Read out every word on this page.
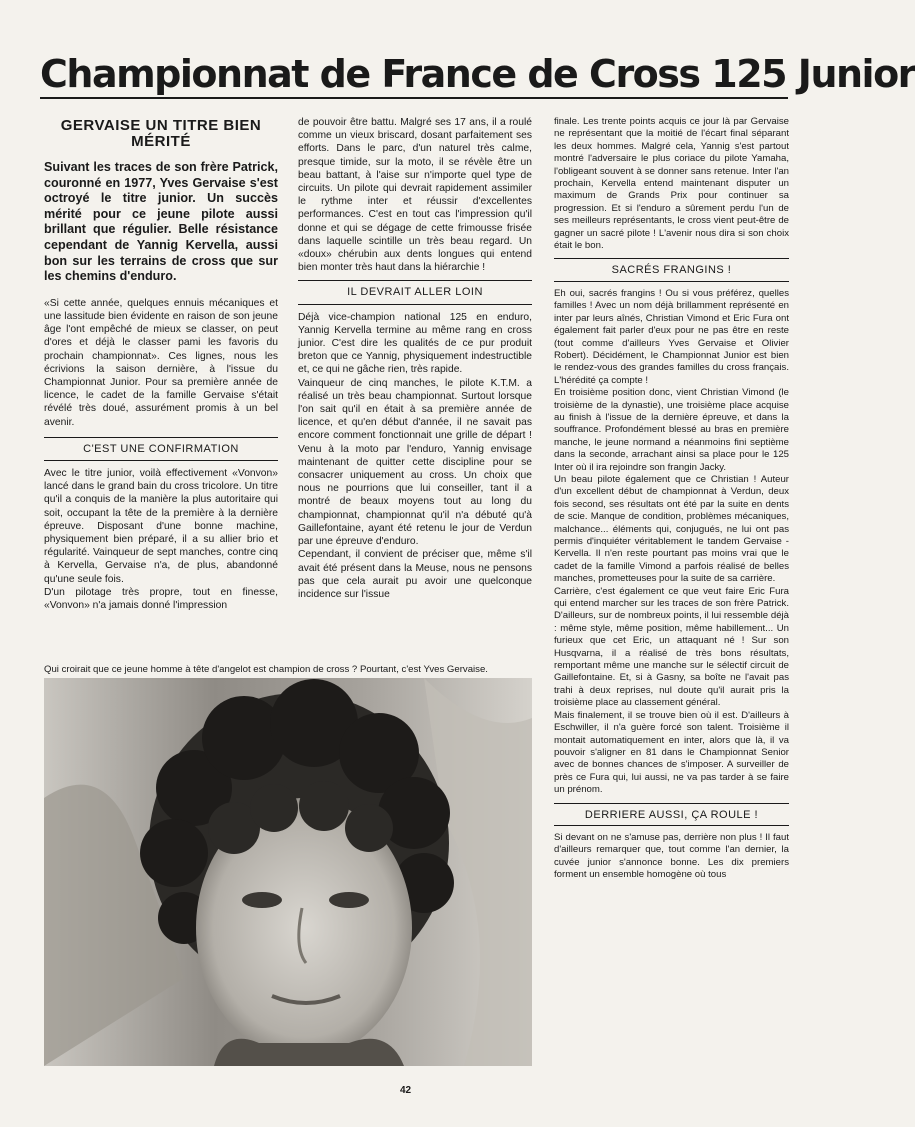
Championnat de France de Cross 125 Junior
GERVAISE UN TITRE BIEN MÉRITÉ

Suivant les traces de son frère Patrick, couronné en 1977, Yves Gervaise s'est octroyé le titre junior. Un succès mérité pour ce jeune pilote aussi brillant que régulier. Belle résistance cependant de Yannig Kervella, aussi bon sur les terrains de cross que sur les chemins d'enduro.

«Si cette année, quelques ennuis mécaniques et une lassitude bien évidente en raison de son jeune âge l'ont empêché de mieux se classer, on peut d'ores et déjà le classer pami les favoris du prochain championnat». Ces lignes, nous les écrivions la saison dernière, à l'issue du Championnat Junior. Pour sa première année de licence, le cadet de la famille Gervaise s'était révélé très doué, assurément promis à un bel avenir.

C'EST UNE CONFIRMATION

Avec le titre junior, voilà effectivement «Vonvon» lancé dans le grand bain du cross tricolore. Un titre qu'il a conquis de la manière la plus autoritaire qui soit, occupant la tête de la première à la dernière épreuve. Disposant d'une bonne machine, physiquement bien préparé, il a su allier brio et régularité. Vainqueur de sept manches, contre cinq à Kervella, Gervaise n'a, de plus, abandonné qu'une seule fois.

D'un pilotage très propre, tout en finesse, «Vonvon» n'a jamais donné l'impression

de pouvoir être battu. Malgré ses 17 ans, il a roulé comme un vieux briscard, dosant parfaitement ses efforts. Dans le parc, d'un naturel très calme, presque timide, sur la moto, il se révèle être un beau battant, à l'aise sur n'importe quel type de circuits. Un pilote qui devrait rapidement assimiler le rythme inter et réussir d'excellentes performances. C'est en tout cas l'impression qu'il donne et qui se dégage de cette frimousse frisée dans laquelle scintille un très beau regard. Un «doux» chérubin aux dents longues qui entend bien monter très haut dans la hiérarchie !

IL DEVRAIT ALLER LOIN

Déjà vice-champion national 125 en enduro, Yannig Kervella termine au même rang en cross junior. C'est dire les qualités de ce pur produit breton que ce Yannig, physiquement indestructible et, ce qui ne gâche rien, très rapide.

Vainqueur de cinq manches, le pilote K.T.M. a réalisé un très beau championnat. Surtout lorsque l'on sait qu'il en était à sa première année de licence, et qu'en début d'année, il ne savait pas encore comment fonctionnait une grille de départ ! Venu à la moto par l'enduro, Yannig envisage maintenant de quitter cette discipline pour se consacrer uniquement au cross. Un choix que nous ne pourrions que lui conseiller, tant il a montré de beaux moyens tout au long du championnat, championnat qu'il n'a débuté qu'à Gaillefontaine, ayant été retenu le jour de Verdun par une épreuve d'enduro.

Cependant, il convient de préciser que, même s'il avait été présent dans la Meuse, nous ne pensons pas que cela aurait pu avoir une quelconque incidence sur l'issue

finale. Les trente points acquis ce jour là par Gervaise ne représentant que la moitié de l'écart final séparant les deux hommes. Malgré cela, Yannig s'est partout montré l'adversaire le plus coriace du pilote Yamaha, l'obligeant souvent à se donner sans retenue. Inter l'an prochain, Kervella entend maintenant disputer un maximum de Grands Prix pour continuer sa progression. Et si l'enduro a sûrement perdu l'un de ses meilleurs représentants, le cross vient peut-être de gagner un sacré pilote ! L'avenir nous dira si son choix était le bon.

SACRÉS FRANGINS !

Eh oui, sacrés frangins ! Ou si vous préférez, quelles familles ! Avec un nom déjà brillamment représenté en inter par leurs aînés, Christian Vimond et Eric Fura ont également fait parler d'eux pour ne pas être en reste (tout comme d'ailleurs Yves Gervaise et Olivier Robert). Décidément, le Championnat Junior est bien le rendez-vous des grandes familles du cross français. L'hérédité ça compte !

En troisième position donc, vient Christian Vimond (le troisième de la dynastie), une troisième place acquise au finish à l'issue de la dernière épreuve, et dans la souffrance. Profondément blessé au bras en première manche, le jeune normand a néanmoins fini septième dans la seconde, arrachant ainsi sa place pour le 125 Inter où il ira rejoindre son frangin Jacky.

Un beau pilote également que ce Christian ! Auteur d'un excellent début de championnat à Verdun, deux fois second, ses résultats ont été par la suite en dents de scie. Manque de condition, problèmes mécaniques, malchance... éléments qui, conjugués, ne lui ont pas permis d'inquiéter véritablement le tandem Gervaise - Kervella. Il n'en reste pourtant pas moins vrai que le cadet de la famille Vimond a parfois réalisé de belles manches, prometteuses pour la suite de sa carrière.

Carrière, c'est également ce que veut faire Eric Fura qui entend marcher sur les traces de son frère Patrick. D'ailleurs, sur de nombreux points, il lui ressemble déjà : même style, même position, même habillement... Un furieux que cet Eric, un attaquant né ! Sur son Husqvarna, il a réalisé de très bons résultats, remportant même une manche sur le sélectif circuit de Gaillefontaine. Et, si à Gasny, sa boîte ne l'avait pas trahi à deux reprises, nul doute qu'il aurait pris la troisième place au classement général.

Mais finalement, il se trouve bien où il est. D'ailleurs à Eschwiller, il n'a guère forcé son talent. Troisième il montait automatiquement en inter, alors que là, il va pouvoir s'aligner en 81 dans le Championnat Senior avec de bonnes chances de s'imposer. A surveiller de près ce Fura qui, lui aussi, ne va pas tarder à se faire un prénom.

DERRIERE AUSSI, ÇA ROULE !

Si devant on ne s'amuse pas, derrière non plus ! Il faut d'ailleurs remarquer que, tout comme l'an dernier, la cuvée junior s'annonce bonne. Les dix premiers forment un ensemble homogène où tous

Qui croirait que ce jeune homme à tête d'angelot est champion de cross ? Pourtant, c'est Yves Gervaise.
42
